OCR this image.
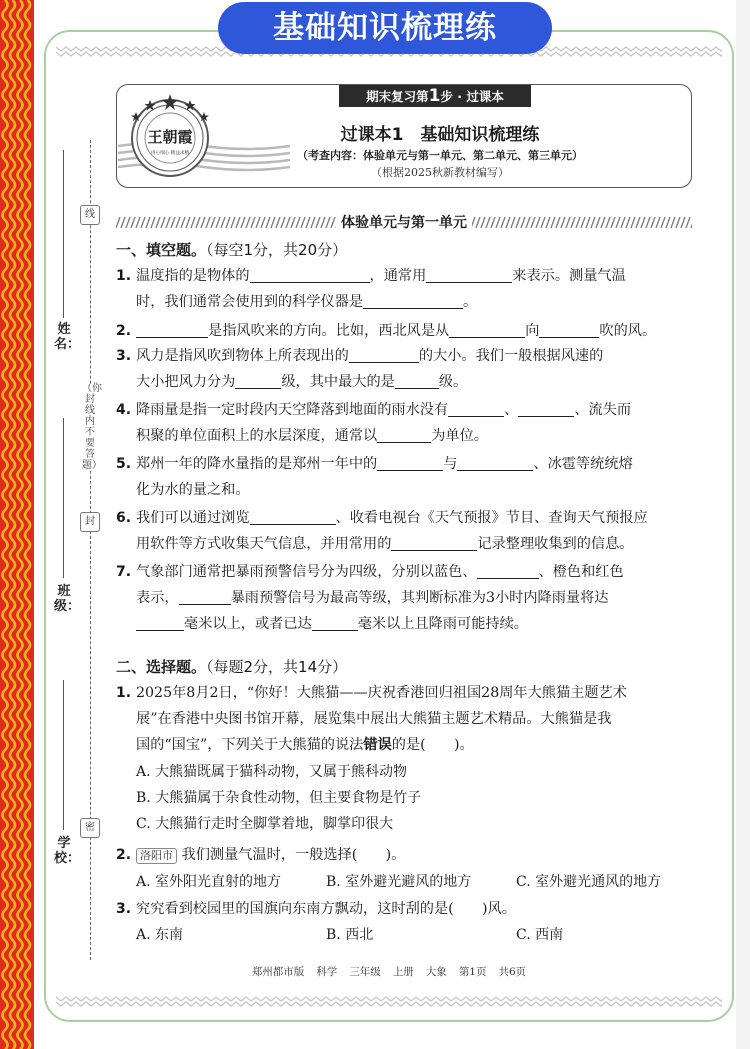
基础知识梳理练
线
（你封线内不要答题）
封
密
姓名：
班级：
学校：
期末复习第1步 · 过课本
王朝霞
用心细心 精益求精
过课本1　基础知识梳理练
（考查内容：体验单元与第一单元、第二单元、第三单元）
（根据2025秋新教材编写）
体验单元与第一单元
一、填空题。（每空1分，共20分）
1. 温度指的是物体的	，通常用	来表示。测量气温
时，我们通常会使用到的科学仪器是	。
2.	是指风吹来的方向。比如，西北风是从	向	吹的风。
3. 风力是指风吹到物体上所表现出的	的大小。我们一般根据风速的
大小把风力分为	级，其中最大的是	级。
4. 降雨量是指一定时段内天空降落到地面的雨水没有	、	、流失而
积聚的单位面积上的水层深度，通常以	为单位。
5. 郑州一年的降水量指的是郑州一年中的	与	、冰雹等统统熔
化为水的量之和。
6. 我们可以通过浏览	、收看电视台《天气预报》节目、查询天气预报应
用软件等方式收集天气信息，并用常用的	记录整理收集到的信息。
7. 气象部门通常把暴雨预警信号分为四级，分别以蓝色、	、橙色和红色
表示，	暴雨预警信号为最高等级，其判断标准为3小时内降雨量将达
毫米以上，或者已达	毫米以上且降雨可能持续。
二、选择题。（每题2分，共14分）
1. 2025年8月2日，“你好！大熊猫——庆祝香港回归祖国28周年大熊猫主题艺术
展”在香港中央图书馆开幕，展览集中展出大熊猫主题艺术精品。大熊猫是我
国的“国宝”，下列关于大熊猫的说法错误的是(　　)。
A. 大熊猫既属于猫科动物，又属于熊科动物
B. 大熊猫属于杂食性动物，但主要食物是竹子
C. 大熊猫行走时全脚掌着地，脚掌印很大
2. 洛阳市 我们测量气温时，一般选择(　　)。
A. 室外阳光直射的地方	B. 室外避光避风的地方	C. 室外避光通风的地方
3. 究究看到校园里的国旗向东南方飘动，这时刮的是(　　)风。
A. 东南	B. 西北	C. 西南
郑州都市版 科学 三年级 上册 大象 第1页 共6页
